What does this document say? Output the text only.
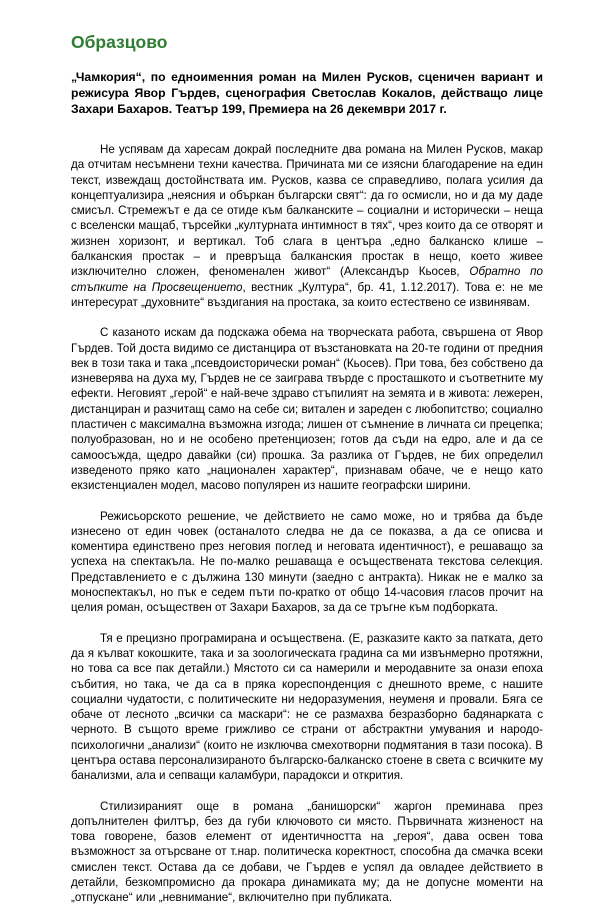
Образцово

„Чамкория“, по едноименния роман на Милен Русков, сценичен вариант и режисура Явор Гърдев, сценография Светослав Кокалов, действащо лице Захари Бахаров. Театър 199, Премиера на 26 декември 2017 г.

Не успявам да харесам докрай последните два романа на Милен Русков, макар да отчитам несъмнени техни качества. Причината ми се изясни благодарение на един текст, извеждащ достойнствата им. Русков, казва се справедливо, полага усилия да концептуализира „неясния и объркан български свят“: да го осмисли, но и да му даде смисъл. Стремежът е да се отиде към балканските – социални и исторически – неща с вселенски мащаб, търсейки „културната интимност в тях“, чрез които да се отворят и жизнен хоризонт, и вертикал. Тоб слага в центъра „едно балканско клише – балканския простак – и превръща балканския простак в нещо, което живее изключително сложен, феноменален живот“ (Александър Кьосев, Обратно по стъпките на Просвещението, вестник „Култура“, бр. 41, 1.12.2017). Това е: не ме интересурат „духовните“ въздигания на простака, за които естествено се извинявам.

С казаното искам да подскажа обема на творческата работа, свършена от Явор Гърдев. Той доста видимо се дистанцира от възстановката на 20-те години от предния век в този така и така „псевдоисторически роман“ (Кьосев). При това, без собствено да изневерява на духа му, Гърдев не се заиграва твърде с просташкото и съответните му ефекти. Неговият „герой“ е най-вече здраво стъпилият на земята и в живота: лежерен, дистанциран и разчитащ само на себе си; витален и зареден с любопитство; социално пластичен с максимална възможна изгода; лишен от съмнение в личната си прецепка; полуобразован, но и не особено претенциозен; готов да съди на едро, але и да се самоосъжда, щедро давайки (си) прошка. За разлика от Гърдев, не бих определил изведеното пряко като „национален характер“, признавам обаче, че е нещо като екзистенциален модел, масово популярен из нашите географски ширини.

Режисьорското решение, че действието не само може, но и трябва да бъде изнесено от един човек (останалото следва не да се показва, а да се описва и коментира единствено през неговия поглед и неговата идентичност), е решаващо за успеха на спектакъла. Не по-малко решаваща е осъществената текстова селекция. Представлението е с дължина 130 минути (заедно с антракта). Никак не е малко за моноспектакъл, но пък е седем пъти по-кратко от общо 14-часовия гласов прочит на целия роман, осъществен от Захари Бахаров, за да се тръгне към подборката.

Тя е прецизно програмирана и осъществена. (Е, разказите както за патката, дето да я кълват кокошките, така и за зоологическата градина са ми извънмерно протяжни, но това са все пак детайли.) Мястото си са намерили и меродавните за онази епоха събития, но така, че да са в пряка кореспонденция с днешното време, с нашите социални чудатости, с политическите ни недоразумения, неуменя и провали. Бяга се обаче от лесното „всички са маскари“: не се размахва безразборно бадянарката с черното. В същото време грижливо се страни от абстрактни умувания и народо-психологични „анализи“ (които не изключва смехотворни подмятания в тази посока). В центъра остава персонализираното българско-балканско стоене в света с всичките му банализми, ала и сепващи каламбури, парадокси и открития.

Стилизираният още в романа „банишорски“ жаргон преминава през допълнителен филтър, без да губи ключовото си място. Първичната жизненост на това говорене, базов елемент от идентичността на „героя“, дава освен това възможност за отърсване от т.нар. политическа коректност, способна да смачка всеки смислен текст. Остава да се добави, че Гърдев е успял да овладее действието в детайли, безкомпромисно да прокара динамиката му; да не допусне моменти на „отпускане“ или „невнимание“, включително при публиката.
